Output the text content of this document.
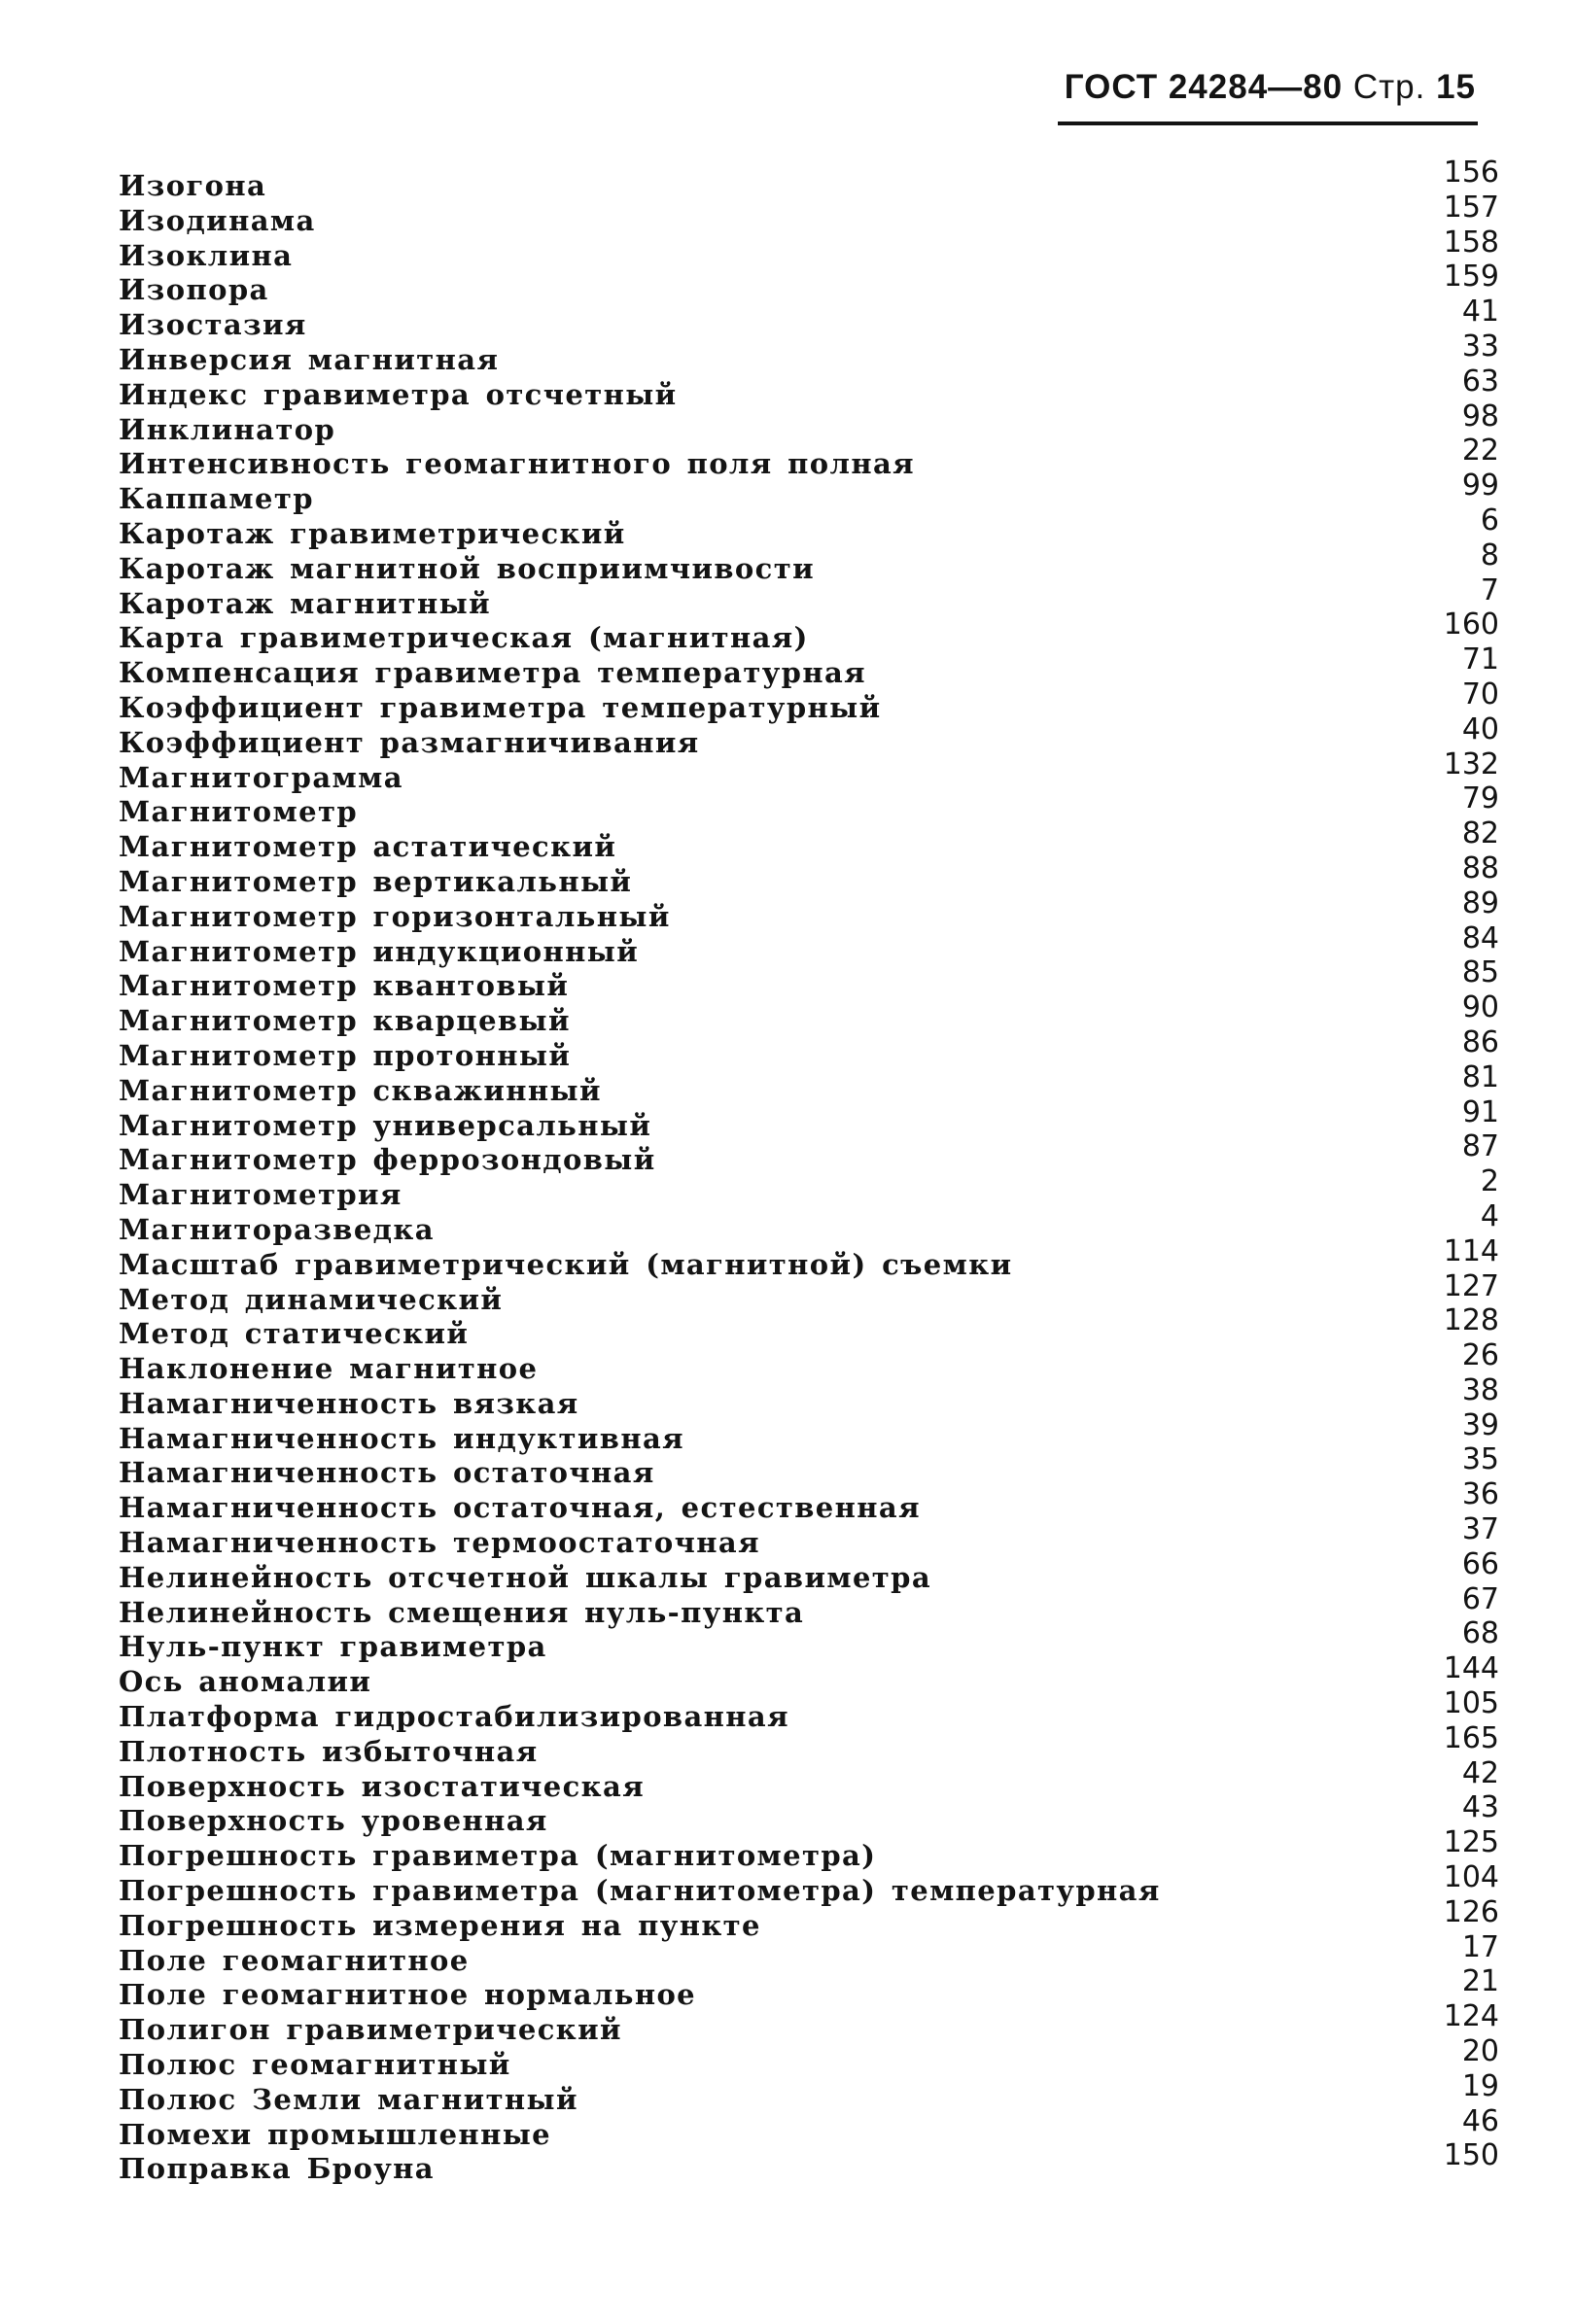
ГОСТ 24284—80 Стр. 15
Изогона	156
Изодинама	157
Изоклина	158
Изопора	159
Изостазия	41
Инверсия магнитная	33
Индекс гравиметра отсчетный	63
Инклинатор	98
Интенсивность геомагнитного поля полная	22
Каппаметр	99
Каротаж гравиметрический	6
Каротаж магнитной восприимчивости	8
Каротаж магнитный	7
Карта гравиметрическая (магнитная)	160
Компенсация гравиметра температурная	71
Коэффициент гравиметра температурный	70
Коэффициент размагничивания	40
Магнитограмма	132
Магнитометр	79
Магнитометр астатический	82
Магнитометр вертикальный	88
Магнитометр горизонтальный	89
Магнитометр индукционный	84
Магнитометр квантовый	85
Магнитометр кварцевый	90
Магнитометр протонный	86
Магнитометр скважинный	81
Магнитометр универсальный	91
Магнитометр феррозондовый	87
Магнитометрия	2
Магниторазведка	4
Масштаб гравиметрический (магнитной) съемки	114
Метод динамический	127
Метод статический	128
Наклонение магнитное	26
Намагниченность вязкая	38
Намагниченность индуктивная	39
Намагниченность остаточная	35
Намагниченность остаточная, естественная	36
Намагниченность термоостаточная	37
Нелинейность отсчетной шкалы гравиметра	66
Нелинейность смещения нуль-пункта	67
Нуль-пункт гравиметра	68
Ось аномалии	144
Платформа гидростабилизированная	105
Плотность избыточная	165
Поверхность изостатическая	42
Поверхность уровенная	43
Погрешность гравиметра (магнитометра)	125
Погрешность гравиметра (магнитометра) температурная	104
Погрешность измерения на пункте	126
Поле геомагнитное	17
Поле геомагнитное нормальное	21
Полигон гравиметрический	124
Полюс геомагнитный	20
Полюс Земли магнитный	19
Помехи промышленные	46
Поправка Броуна	150
